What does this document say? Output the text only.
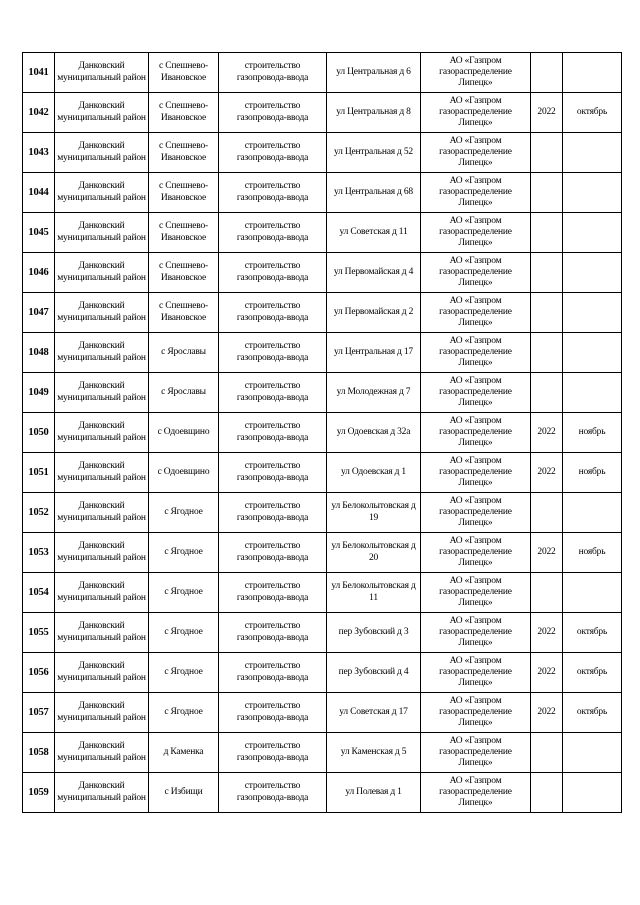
1041	Данковский муниципальный район	с Спешнево-Ивановское	строительство газопровода-ввода	ул Центральная д 6	АО «Газпром газораспределение Липецк»		
1042	Данковский муниципальный район	с Спешнево-Ивановское	строительство газопровода-ввода	ул Центральная д 8	АО «Газпром газораспределение Липецк»	2022	октябрь
1043	Данковский муниципальный район	с Спешнево-Ивановское	строительство газопровода-ввода	ул Центральная д 52	АО «Газпром газораспределение Липецк»		
1044	Данковский муниципальный район	с Спешнево-Ивановское	строительство газопровода-ввода	ул Центральная д 68	АО «Газпром газораспределение Липецк»		
1045	Данковский муниципальный район	с Спешнево-Ивановское	строительство газопровода-ввода	ул Советская д 11	АО «Газпром газораспределение Липецк»		
1046	Данковский муниципальный район	с Спешнево-Ивановское	строительство газопровода-ввода	ул Первомайская д 4	АО «Газпром газораспределение Липецк»		
1047	Данковский муниципальный район	с Спешнево-Ивановское	строительство газопровода-ввода	ул Первомайская д 2	АО «Газпром газораспределение Липецк»		
1048	Данковский муниципальный район	с Ярославы	строительство газопровода-ввода	ул Центральная д 17	АО «Газпром газораспределение Липецк»		
1049	Данковский муниципальный район	с Ярославы	строительство газопровода-ввода	ул Молодежная д 7	АО «Газпром газораспределение Липецк»		
1050	Данковский муниципальный район	с Одоевщино	строительство газопровода-ввода	ул Одоевская д 32а	АО «Газпром газораспределение Липецк»	2022	ноябрь
1051	Данковский муниципальный район	с Одоевщино	строительство газопровода-ввода	ул Одоевская д 1	АО «Газпром газораспределение Липецк»	2022	ноябрь
1052	Данковский муниципальный район	с Ягодное	строительство газопровода-ввода	ул Белоколытовская д 19	АО «Газпром газораспределение Липецк»		
1053	Данковский муниципальный район	с Ягодное	строительство газопровода-ввода	ул Белоколытовская д 20	АО «Газпром газораспределение Липецк»	2022	ноябрь
1054	Данковский муниципальный район	с Ягодное	строительство газопровода-ввода	ул Белоколытовская д 11	АО «Газпром газораспределение Липецк»		
1055	Данковский муниципальный район	с Ягодное	строительство газопровода-ввода	пер Зубовский д 3	АО «Газпром газораспределение Липецк»	2022	октябрь
1056	Данковский муниципальный район	с Ягодное	строительство газопровода-ввода	пер Зубовский д 4	АО «Газпром газораспределение Липецк»	2022	октябрь
1057	Данковский муниципальный район	с Ягодное	строительство газопровода-ввода	ул Советская д 17	АО «Газпром газораспределение Липецк»	2022	октябрь
1058	Данковский муниципальный район	д Каменка	строительство газопровода-ввода	ул Каменская д 5	АО «Газпром газораспределение Липецк»		
1059	Данковский муниципальный район	с Избищи	строительство газопровода-ввода	ул Полевая д 1	АО «Газпром газораспределение Липецк»		
